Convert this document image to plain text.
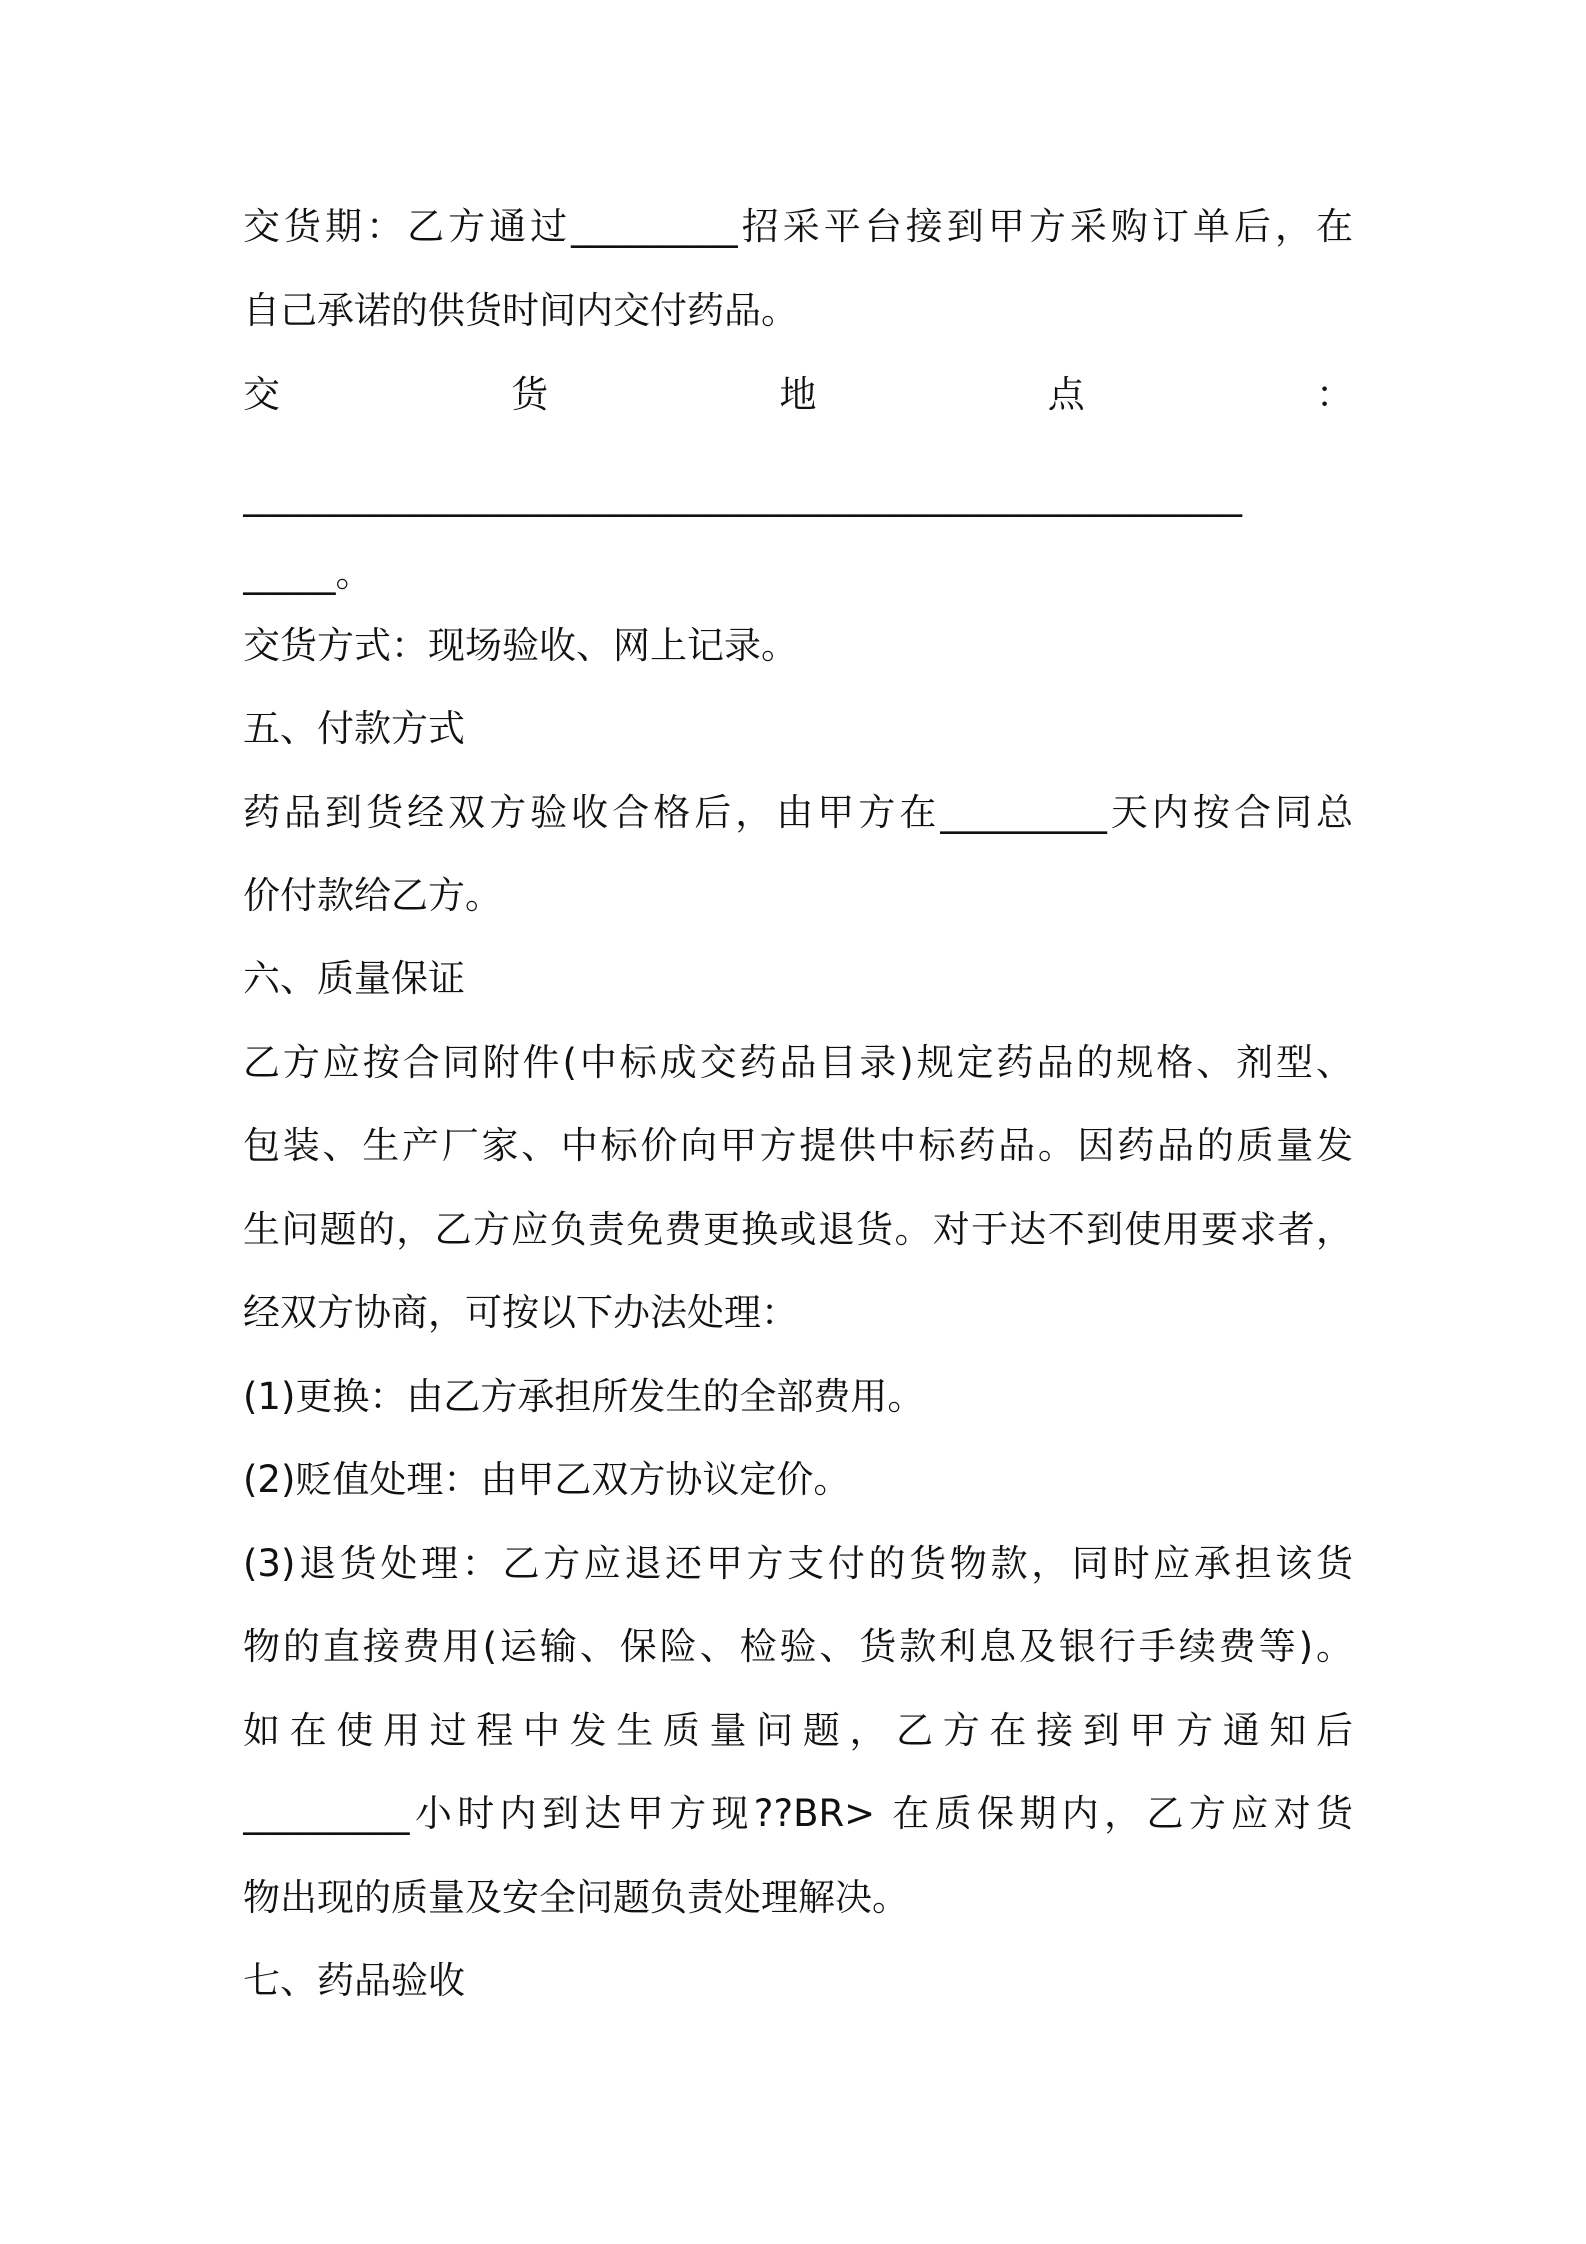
交货期：乙方通过_________招采平台接到甲方采购订单后，在
自己承诺的供货时间内交付药品。
交	货	地	点	：
______________________________________________________
_____。
交货方式：现场验收、网上记录。
五、付款方式
药品到货经双方验收合格后，由甲方在_________天内按合同总
价付款给乙方。
六、质量保证
乙方应按合同附件(中标成交药品目录)规定药品的规格、剂型、
包装、生产厂家、中标价向甲方提供中标药品。因药品的质量发
生问题的，乙方应负责免费更换或退货。对于达不到使用要求者，
经双方协商，可按以下办法处理：
(1)更换：由乙方承担所发生的全部费用。
(2)贬值处理：由甲乙双方协议定价。
(3)退货处理：乙方应退还甲方支付的货物款，同时应承担该货
物的直接费用(运输、保险、检验、货款利息及银行手续费等)。
如在使用过程中发生质量问题，乙方在接到甲方通知后
_________小时内到达甲方现??BR> 在质保期内，乙方应对货
物出现的质量及安全问题负责处理解决。
七、药品验收
